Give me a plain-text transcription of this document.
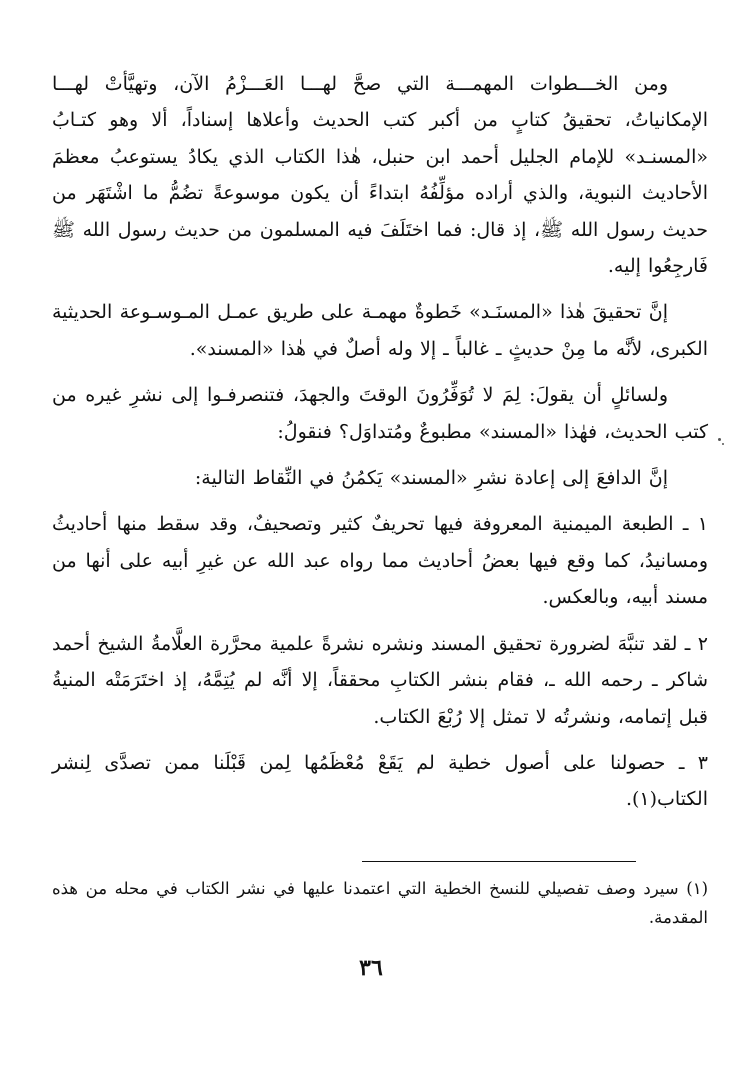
ومن الخـــطوات المهمـــة التي صحَّ لهـــا العَـــزْمُ الآن، وتهيَّأتْ لهـــا الإمكانياتُ، تحقيقُ كتابٍ من أكبر كتب الحديث وأعلاها إسناداً، ألا وهو كتـابُ «المسنـد» للإمام الجليل أحمد ابن حنبل، هٰذا الكتاب الذي يكادُ يستوعبُ معظمَ الأحاديث النبوية، والذي أراده مؤلِّفُهُ ابتداءً أن يكون موسوعةً تضُمُّ ما اشْتَهَر من حديث رسول الله ﷺ، إذ قال: فما اختَلَفَ فيه المسلمون من حديث رسول الله ﷺ فَارجِعُوا إليه.

إنَّ تحقيقَ هٰذا «المسنَـد» خَطوةٌ مهمـة على طريق عمـل المـوسـوعة الحديثية الكبرى، لأنَّه ما مِنْ حديثٍ ـ غالباً ـ إلا وله أصلٌ في هٰذا «المسند».

ولسائلٍ أن يقولَ: لِمَ لا تُوَفِّرُونَ الوقتَ والجهدَ، فتنصرفـوا إلى نشرِ غيره من كتب الحديث، فهٰذا «المسند» مطبوعٌ ومُتداوَل؟ فنقولُ:

إنَّ الدافعَ إلى إعادة نشرِ «المسند» يَكمُنُ في النِّقاط التالية:

١ ـ الطبعة الميمنية المعروفة فيها تحريفٌ كثير وتصحيفٌ، وقد سقط منها أحاديثُ ومسانيدُ، كما وقع فيها بعضُ أحاديث مما رواه عبد الله عن غيرِ أبيه على أنها من مسند أبيه، وبالعكس.

٢ ـ لقد تنبَّهَ لضرورة تحقيق المسند ونشره نشرةً علمية محرَّرة العلَّامةُ الشيخ أحمد شاكر ـ رحمه الله ـ، فقام بنشر الكتابِ محققاً، إلا أنَّه لم يُتِمَّهُ، إذ اختَرَمَتْه المنيةُ قبل إتمامه، ونشرتُه لا تمثل إلا رُبْعَ الكتاب.

٣ ـ حصولنا على أصول خطية لم يَقَعْ مُعْظَمُها لِمن قَبْلَنا ممن تصدَّى لِنشر الكتاب(١).

(١) سيرد وصف تفصيلي للنسخ الخطية التي اعتمدنا عليها في نشر الكتاب في محله من هذه المقدمة.

٣٦
